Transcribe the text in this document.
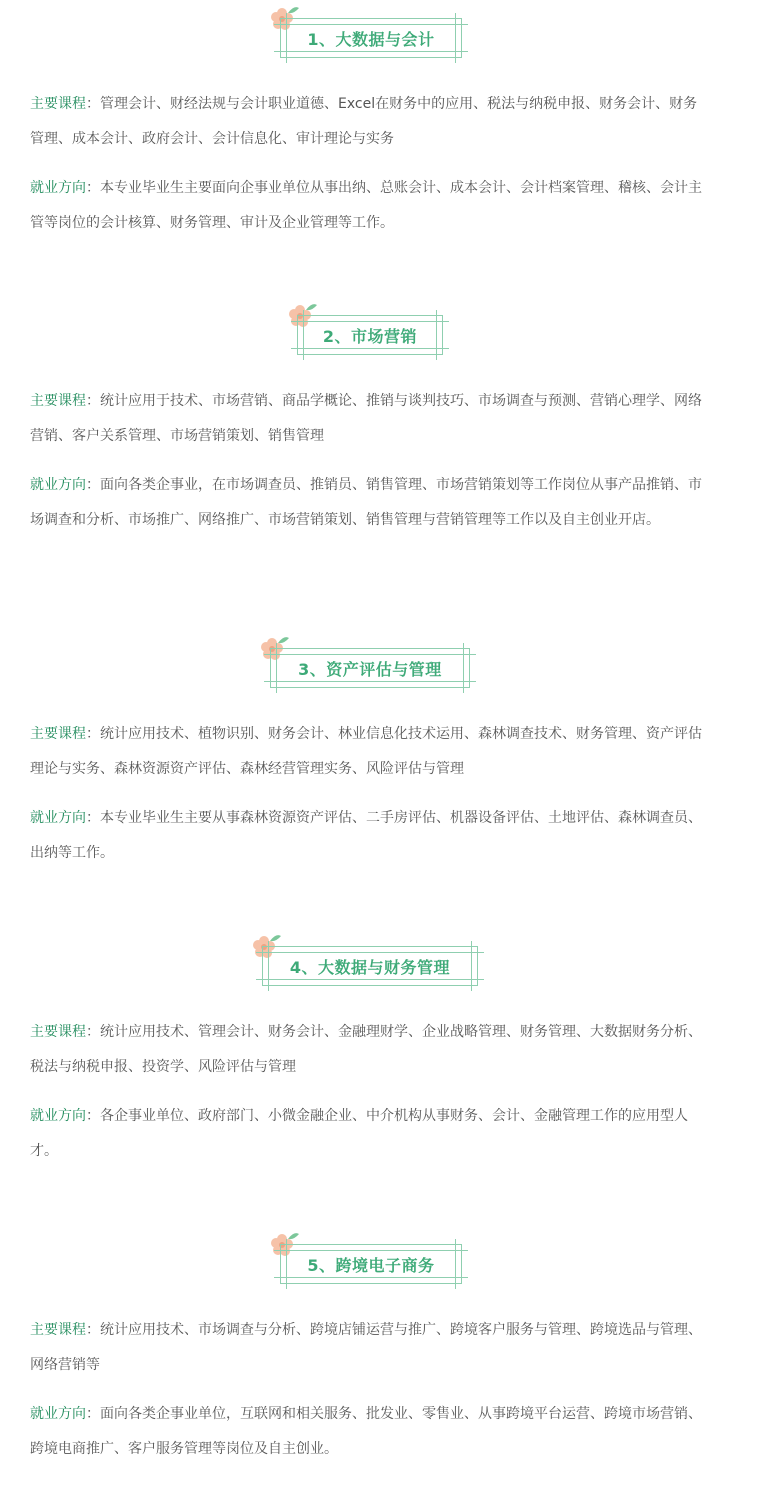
1、大数据与会计

主要课程：管理会计、财经法规与会计职业道德、Excel在财务中的应用、税法与纳税申报、财务会计、财务管理、成本会计、政府会计、会计信息化、审计理论与实务

就业方向：本专业毕业生主要面向企事业单位从事出纳、总账会计、成本会计、会计档案管理、稽核、会计主管等岗位的会计核算、财务管理、审计及企业管理等工作。

2、市场营销

主要课程：统计应用于技术、市场营销、商品学概论、推销与谈判技巧、市场调查与预测、营销心理学、网络营销、客户关系管理、市场营销策划、销售管理

就业方向：面向各类企事业，在市场调查员、推销员、销售管理、市场营销策划等工作岗位从事产品推销、市场调查和分析、市场推广、网络推广、市场营销策划、销售管理与营销管理等工作以及自主创业开店。

3、资产评估与管理

主要课程：统计应用技术、植物识别、财务会计、林业信息化技术运用、森林调查技术、财务管理、资产评估理论与实务、森林资源资产评估、森林经营管理实务、风险评估与管理

就业方向：本专业毕业生主要从事森林资源资产评估、二手房评估、机器设备评估、土地评估、森林调查员、出纳等工作。

4、大数据与财务管理

主要课程：统计应用技术、管理会计、财务会计、金融理财学、企业战略管理、财务管理、大数据财务分析、税法与纳税申报、投资学、风险评估与管理

就业方向：各企事业单位、政府部门、小微金融企业、中介机构从事财务、会计、金融管理工作的应用型人才。

5、跨境电子商务

主要课程：统计应用技术、市场调查与分析、跨境店铺运营与推广、跨境客户服务与管理、跨境选品与管理、网络营销等

就业方向：面向各类企事业单位，互联网和相关服务、批发业、零售业、从事跨境平台运营、跨境市场营销、跨境电商推广、客户服务管理等岗位及自主创业。
